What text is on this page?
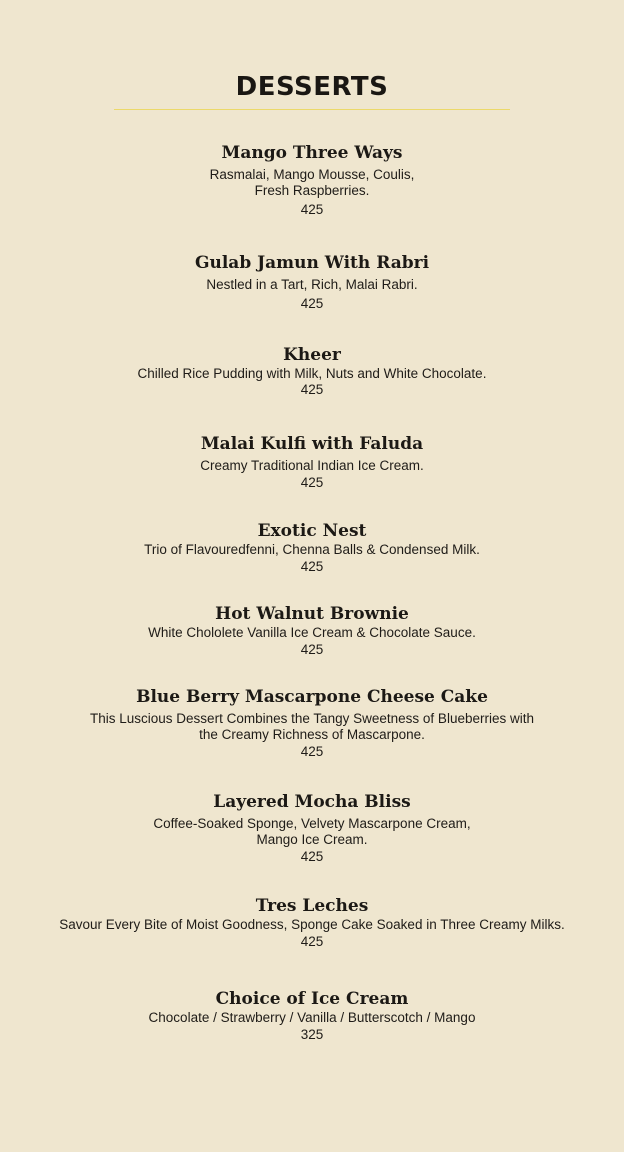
DESSERTS
Mango Three Ways
Rasmalai, Mango Mousse, Coulis,
Fresh Raspberries.
425
Gulab Jamun With Rabri
Nestled in a Tart, Rich, Malai Rabri.
425
Kheer
Chilled Rice Pudding with Milk, Nuts and White Chocolate.
425
Malai Kulfi with Faluda
Creamy Traditional Indian Ice Cream.
425
Exotic Nest
Trio of Flavouredfenni, Chenna Balls & Condensed Milk.
425
Hot Walnut Brownie
White Chololete Vanilla Ice Cream & Chocolate Sauce.
425
Blue Berry Mascarpone Cheese Cake
This Luscious Dessert Combines the Tangy Sweetness of Blueberries with
the Creamy Richness of Mascarpone.
425
Layered Mocha Bliss
Coffee-Soaked Sponge, Velvety Mascarpone Cream,
Mango Ice Cream.
425
Tres Leches
Savour Every Bite of Moist Goodness, Sponge Cake Soaked in Three Creamy Milks.
425
Choice of Ice Cream
Chocolate / Strawberry / Vanilla / Butterscotch / Mango
325
